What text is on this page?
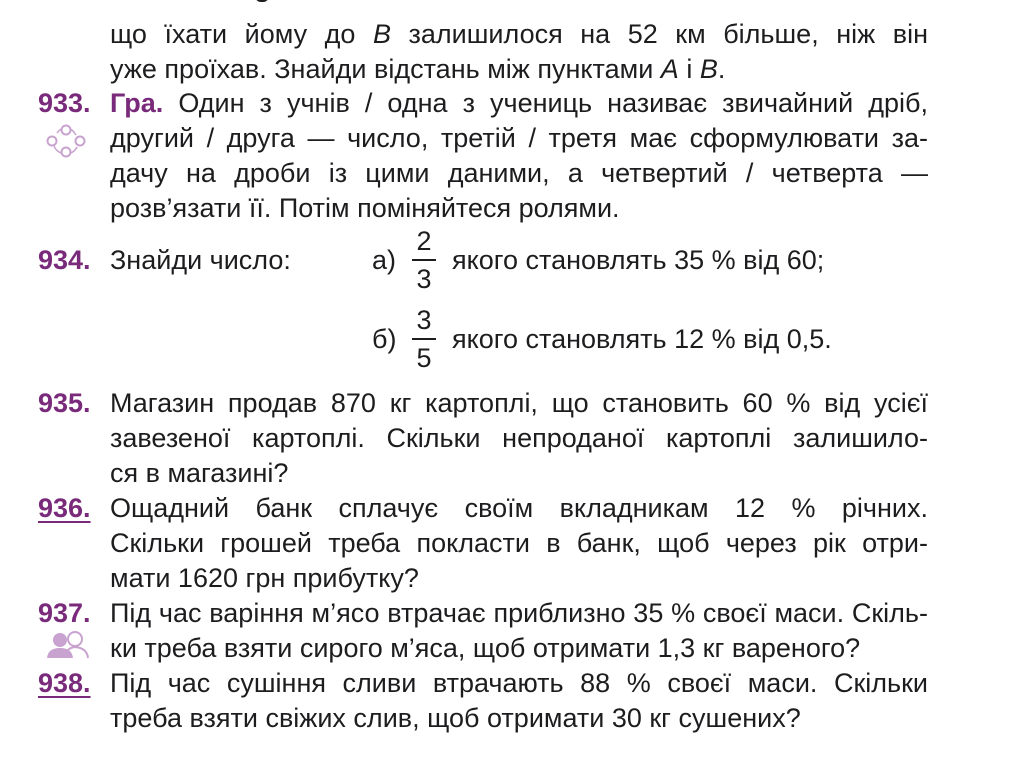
що їхати йому до B залишилося на 52 км більше, ніж він
уже проїхав. Знайди відстань між пунктами A і B.
933. Гра. Один з учнів / одна з учениць називає звичайний дріб,
другий / друга — число, третій / третя має сформулювати за-
дачу на дроби із цими даними, а четвертий / четверта —
розв’язати її. Потім поміняйтеся ролями.
934. Знайди число:	а)
2
3
якого становлять 35 % від 60;
б)
3
5
якого становлять 12 % від 0,5.
935. Магазин продав 870 кг картоплі, що становить 60 % від усієї
завезеної картоплі. Скільки непроданої картоплі залишило-
ся в магазині?
936. Ощадний банк сплачує своїм вкладникам 12 % річних.
Скільки грошей треба покласти в банк, щоб через рік отри-
мати 1620 грн прибутку?
937. Під час варіння м’ясо втрачає приблизно 35 % своєї маси. Скіль-
ки треба взяти сирого м’яса, щоб отримати 1,3 кг вареного?
938. Під час сушіння сливи втрачають 88 % своєї маси. Скільки
треба взяти свіжих слив, щоб отримати 30 кг сушених?
